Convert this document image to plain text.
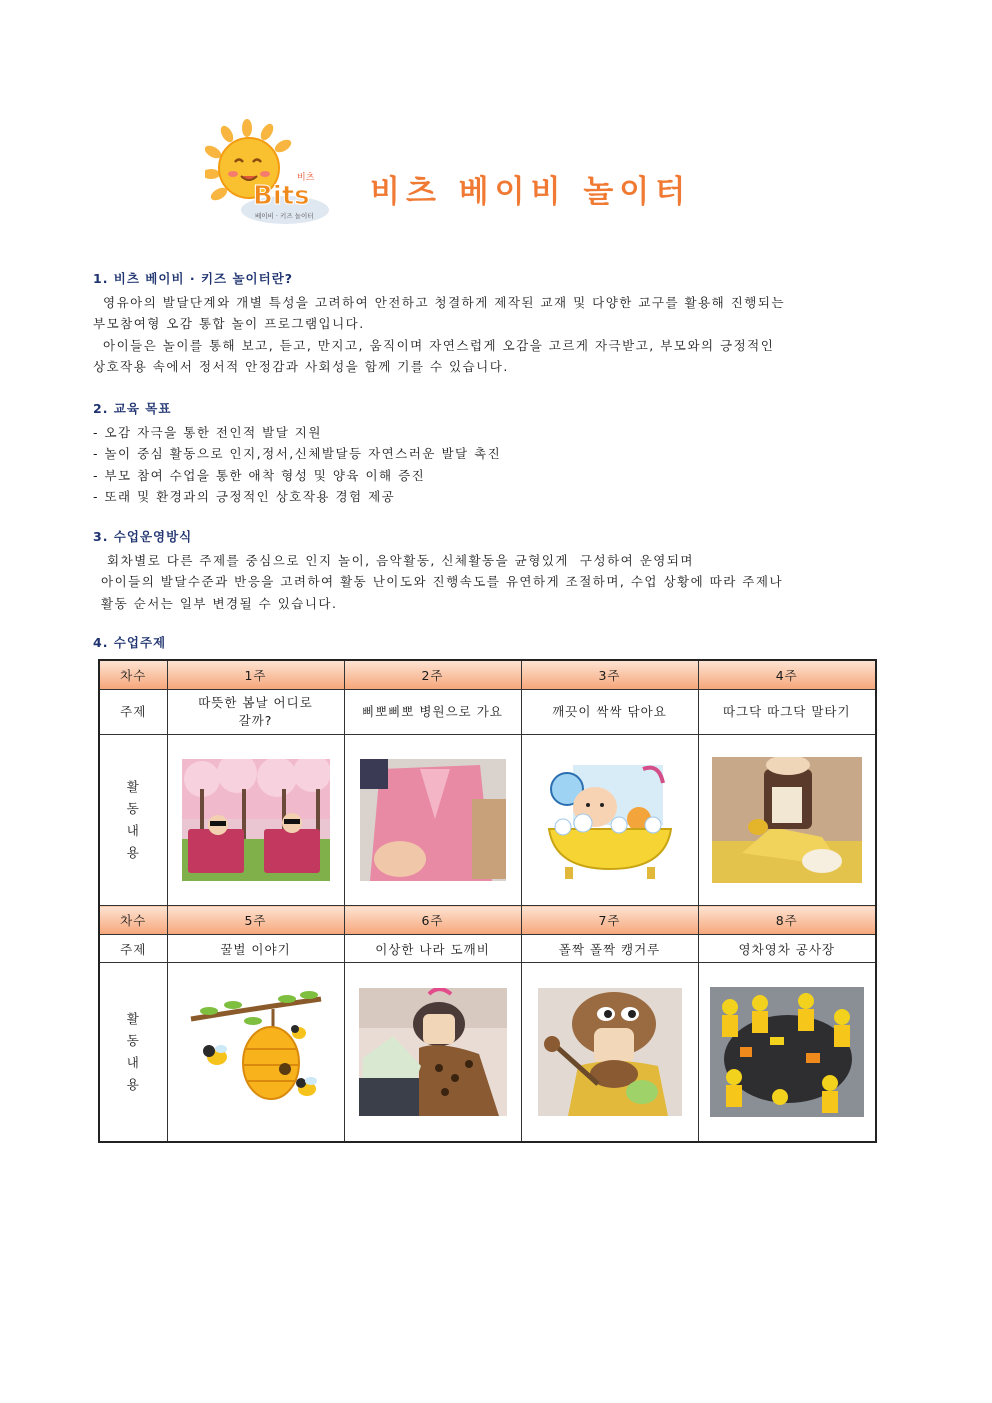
Bits
비츠
베이비 · 키즈 놀이터
비츠 베이비 놀이터
1. 비츠 베이비 · 키즈 놀이터란?
영유아의 발달단계와 개별 특성을 고려하여 안전하고 청결하게 제작된 교재 및 다양한 교구를 활용해 진행되는
부모참여형 오감 통합 놀이 프로그램입니다.
아이들은 놀이를 통해 보고, 듣고, 만지고, 움직이며 자연스럽게 오감을 고르게 자극받고, 부모와의 긍정적인
상호작용 속에서 정서적 안정감과 사회성을 함께 기를 수 있습니다.
2. 교육 목표
- 오감 자극을 통한 전인적 발달 지원
- 놀이 중심 활동으로 인지,정서,신체발달등 자연스러운 발달 촉진
- 부모 참여 수업을 통한 애착 형성 및 양육 이해 증진
- 또래 및 환경과의 긍정적인 상호작용 경험 제공
3. 수업운영방식
회차별로 다른 주제를 중심으로 인지 놀이, 음악활동, 신체활동을 균형있게  구성하여 운영되며
아이들의 발달수준과 반응을 고려하여 활동 난이도와 진행속도를 유연하게 조절하며, 수업 상황에 따라 주제나
활동 순서는 일부 변경될 수 있습니다.
4. 수업주제
차수	1주	2주	3주	4주
주제	따뜻한 봄날 어디로 갈까?	삐뽀삐뽀 병원으로 가요	깨끗이 싹싹 닦아요	따그닥 따그닥 말타기

활
동
내
용

차수	5주	6주	7주	8주
주제	꿀벌 이야기	이상한 나라 도깨비	폴짝 폴짝 캥거루	영차영차 공사장

활
동
내
용
